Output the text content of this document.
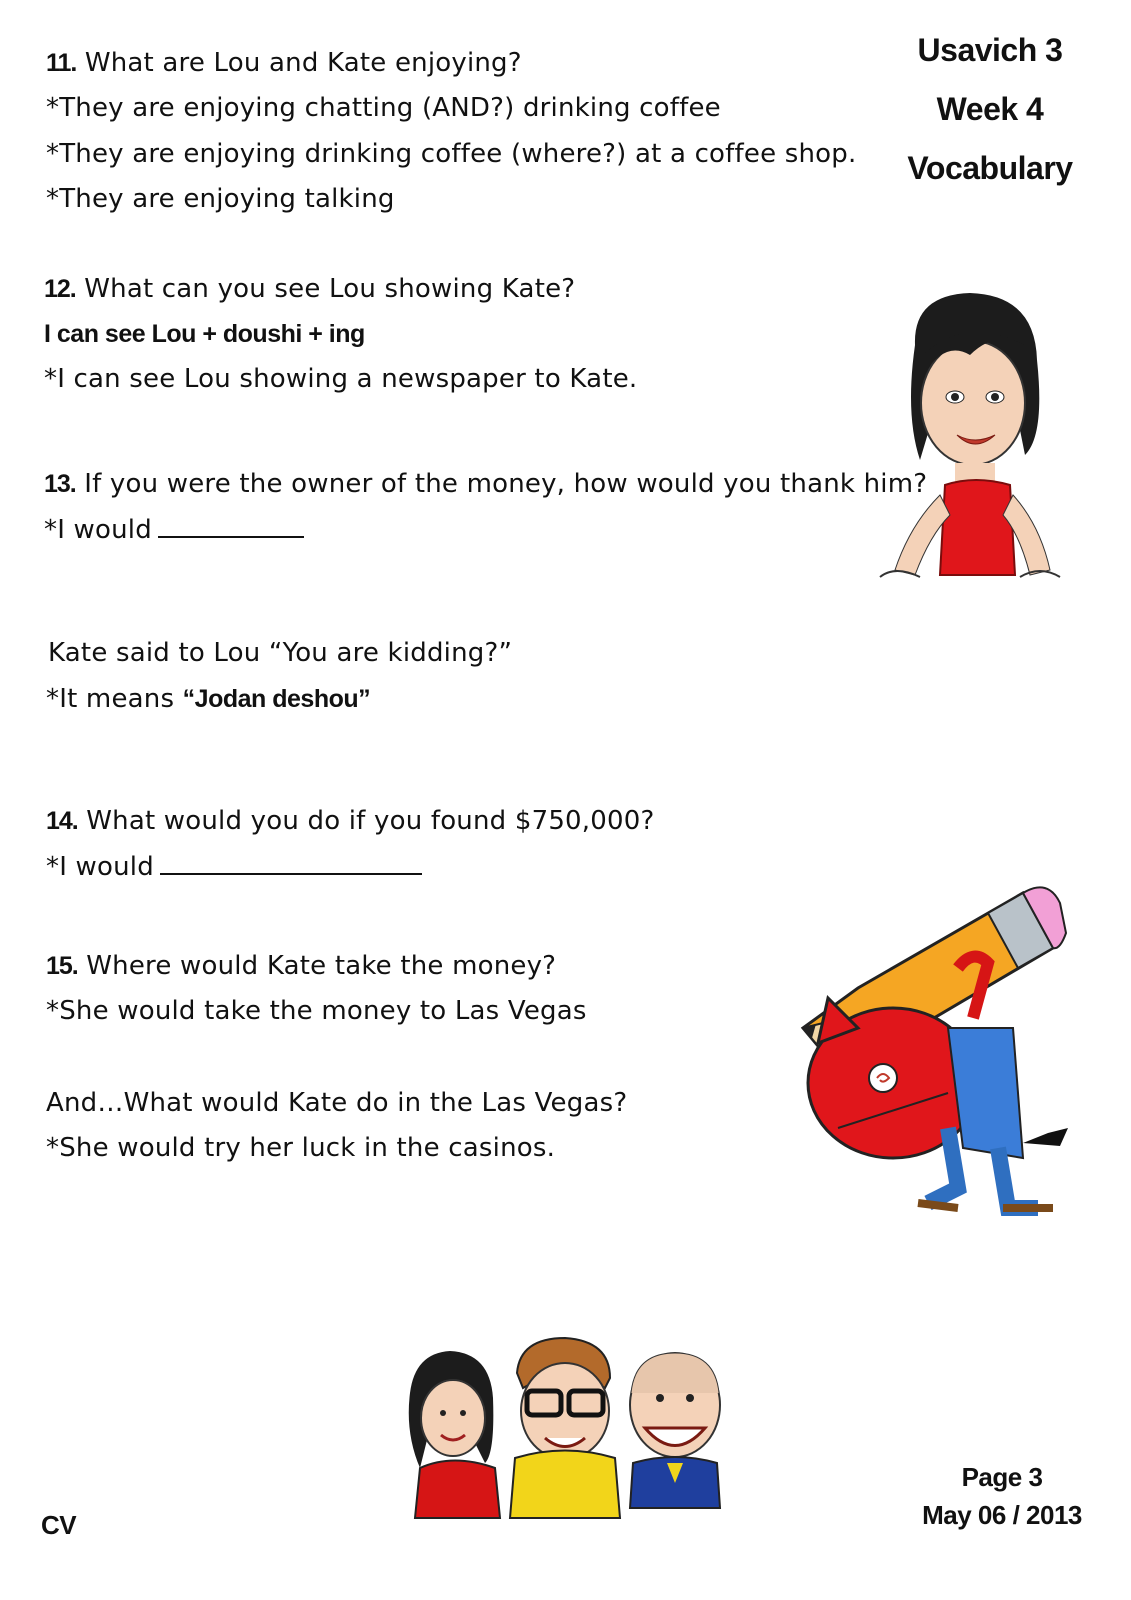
Usavich 3
Week 4
Vocabulary
11. What are Lou and Kate enjoying?
*They are enjoying chatting (AND?) drinking coffee
*They are enjoying drinking coffee (where?) at a coffee shop.
*They are enjoying talking
12. What can you see Lou showing Kate?
I can see Lou + doushi + ing
*I can see Lou showing a newspaper to Kate.
13. If you were the owner of the money, how would you thank him?
*I would
Kate said to Lou “You are kidding?”
*It means “Jodan deshou”
14. What would you do if you found $750,000?
*I would
15. Where would Kate take the money?
*She would take the money to Las Vegas
And…What would Kate do in the Las Vegas?
*She would try her luck in the casinos.
CV
Page 3
May 06 / 2013
